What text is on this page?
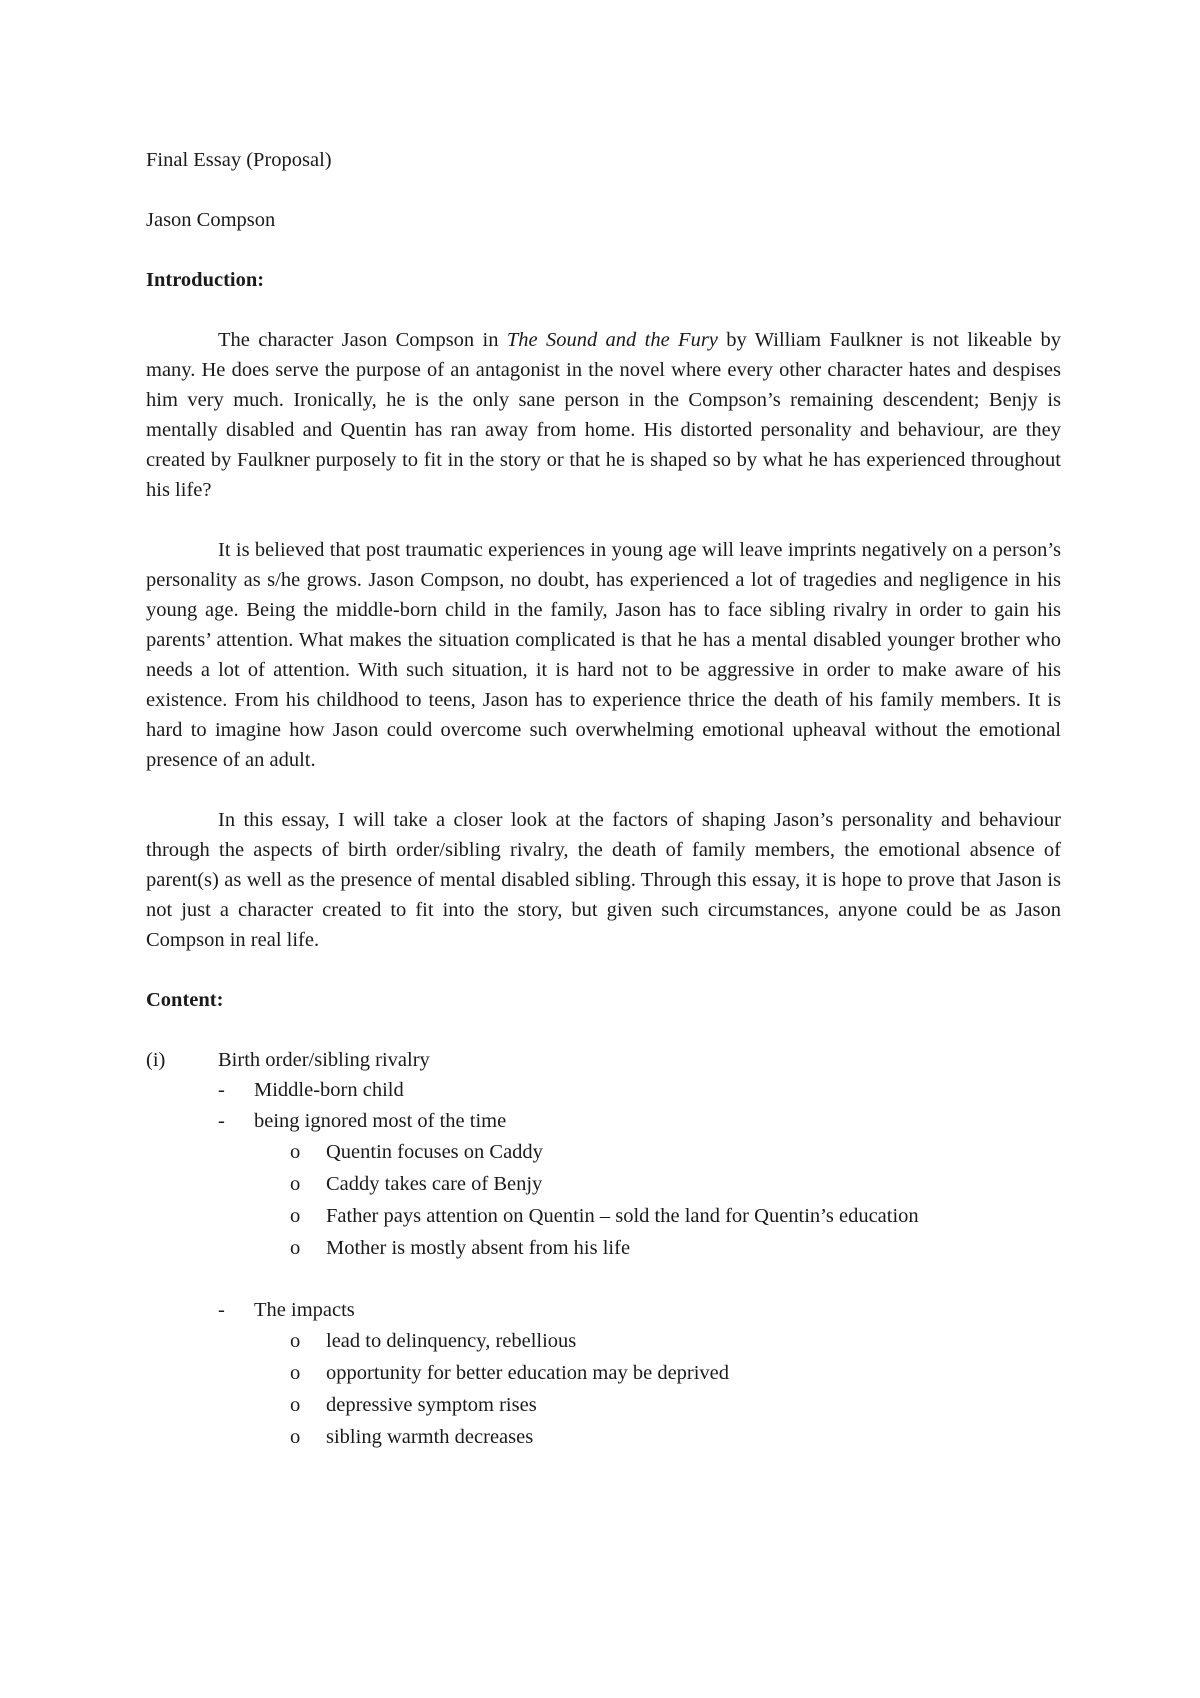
Final Essay (Proposal)
Jason Compson
Introduction:

The character Jason Compson in The Sound and the Fury by William Faulkner is not likeable by many. He does serve the purpose of an antagonist in the novel where every other character hates and despises him very much. Ironically, he is the only sane person in the Compson’s remaining descendent; Benjy is mentally disabled and Quentin has ran away from home. His distorted personality and behaviour, are they created by Faulkner purposely to fit in the story or that he is shaped so by what he has experienced throughout his life?

It is believed that post traumatic experiences in young age will leave imprints negatively on a person’s personality as s/he grows. Jason Compson, no doubt, has experienced a lot of tragedies and negligence in his young age. Being the middle-born child in the family, Jason has to face sibling rivalry in order to gain his parents’ attention. What makes the situation complicated is that he has a mental disabled younger brother who needs a lot of attention. With such situation, it is hard not to be aggressive in order to make aware of his existence. From his childhood to teens, Jason has to experience thrice the death of his family members. It is hard to imagine how Jason could overcome such overwhelming emotional upheaval without the emotional presence of an adult.

In this essay, I will take a closer look at the factors of shaping Jason’s personality and behaviour through the aspects of birth order/sibling rivalry, the death of family members, the emotional absence of parent(s) as well as the presence of mental disabled sibling. Through this essay, it is hope to prove that Jason is not just a character created to fit into the story, but given such circumstances, anyone could be as Jason Compson in real life.

Content:
(i)	Birth order/sibling rivalry
-	Middle-born child
-	being ignored most of the time
o	Quentin focuses on Caddy
o	Caddy takes care of Benjy
o	Father pays attention on Quentin – sold the land for Quentin’s education
o	Mother is mostly absent from his life
-	The impacts
o	lead to delinquency, rebellious
o	opportunity for better education may be deprived
o	depressive symptom rises
o	sibling warmth decreases
